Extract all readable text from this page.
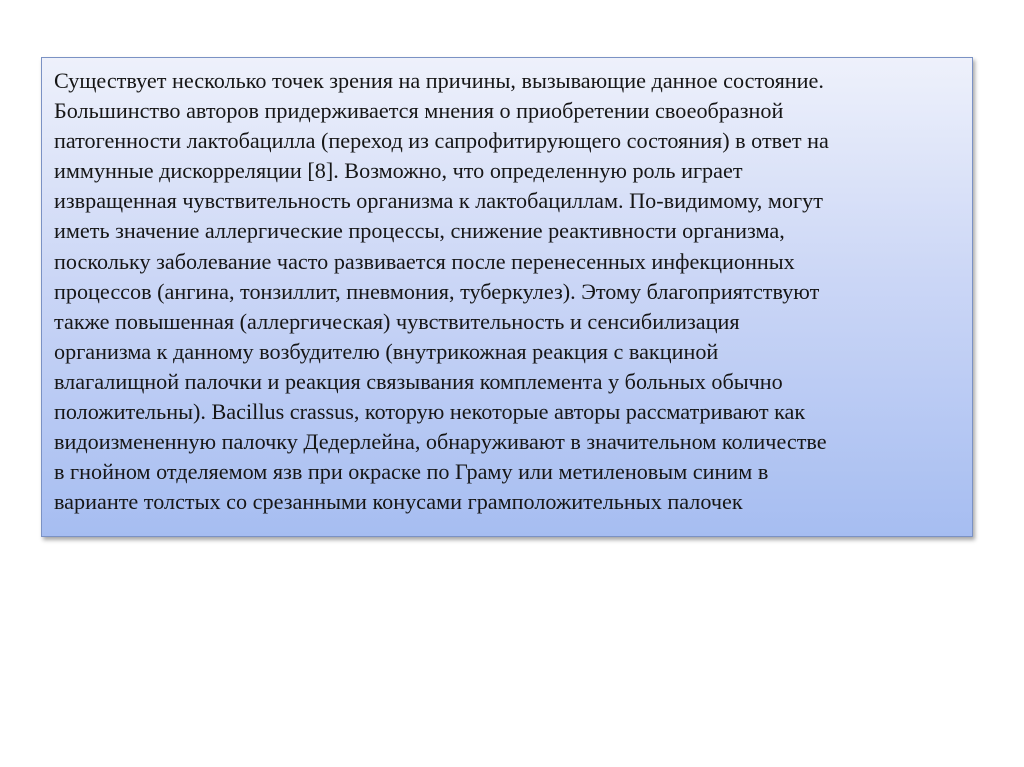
Существует несколько точек зрения на причины, вызывающие данное состояние.
Большинство авторов придерживается мнения о приобретении своеобразной
патогенности лактобацилла (переход из сапрофитирующего состояния) в ответ на
иммунные дискорреляции [8]. Возможно, что определенную роль играет
извращенная чувствительность организма к лактобациллам. По-видимому, могут
иметь значение аллергические процессы, снижение реактивности организма,
поскольку заболевание часто развивается после перенесенных инфекционных
процессов (ангина, тонзиллит, пневмония, туберкулез). Этому благоприятствуют
также повышенная (аллергическая) чувствительность и сенсибилизация
организма к данному возбудителю (внутрикожная реакция с вакциной
влагалищной палочки и реакция связывания комплемента у больных обычно
положительны). Bacillus crassus, которую некоторые авторы рассматривают как
видоизмененную палочку Дедерлейна, обнаруживают в значительном количестве
в гнойном отделяемом язв при окраске по Граму или метиленовым синим в
варианте толстых со срезанными конусами грамположительных палочек
